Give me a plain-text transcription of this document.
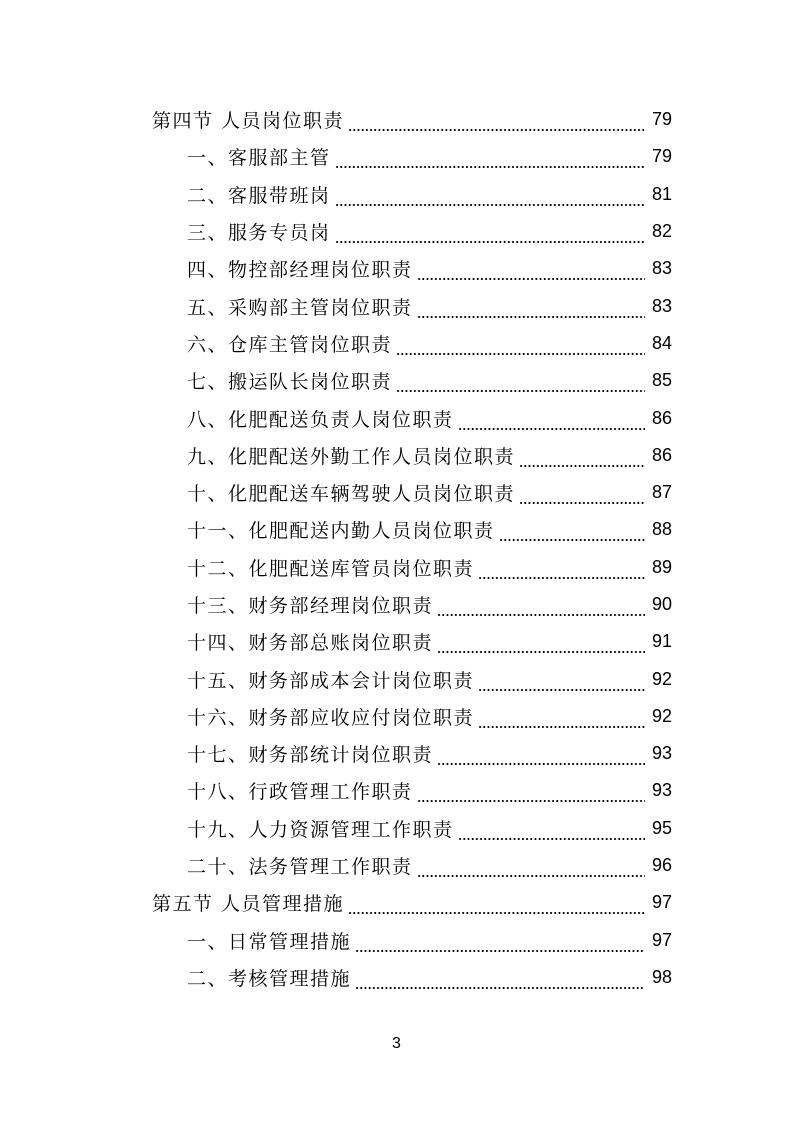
第四节 人员岗位职责	79
一、客服部主管	79
二、客服带班岗	81
三、服务专员岗	82
四、物控部经理岗位职责	83
五、采购部主管岗位职责	83
六、仓库主管岗位职责	84
七、搬运队长岗位职责	85
八、化肥配送负责人岗位职责	86
九、化肥配送外勤工作人员岗位职责	86
十、化肥配送车辆驾驶人员岗位职责	87
十一、化肥配送内勤人员岗位职责	88
十二、化肥配送库管员岗位职责	89
十三、财务部经理岗位职责	90
十四、财务部总账岗位职责	91
十五、财务部成本会计岗位职责	92
十六、财务部应收应付岗位职责	92
十七、财务部统计岗位职责	93
十八、行政管理工作职责	93
十九、人力资源管理工作职责	95
二十、法务管理工作职责	96
第五节 人员管理措施	97
一、日常管理措施	97
二、考核管理措施	98
3
